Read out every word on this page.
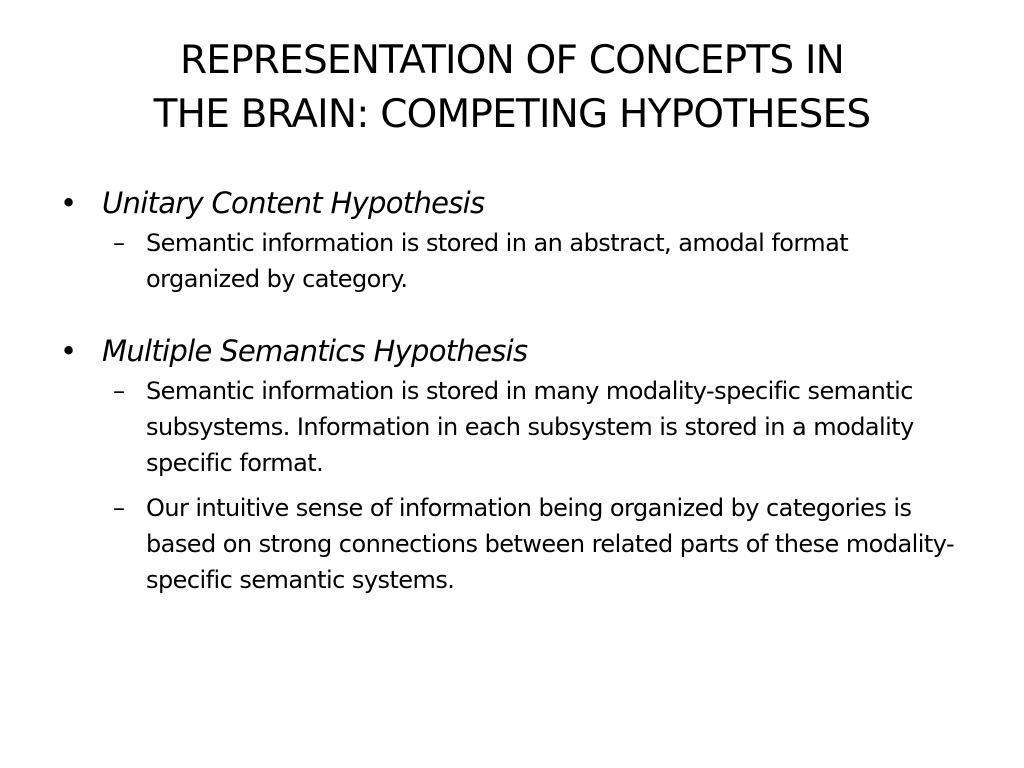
REPRESENTATION OF CONCEPTS IN
THE BRAIN: COMPETING HYPOTHESES

• Unitary Content Hypothesis

– Semantic information is stored in an abstract, amodal format organized by category.

• Multiple Semantics Hypothesis

– Semantic information is stored in many modality-specific semantic subsystems. Information in each subsystem is stored in a modality specific format.

– Our intuitive sense of information being organized by categories is based on strong connections between related parts of these modality-specific semantic systems.
